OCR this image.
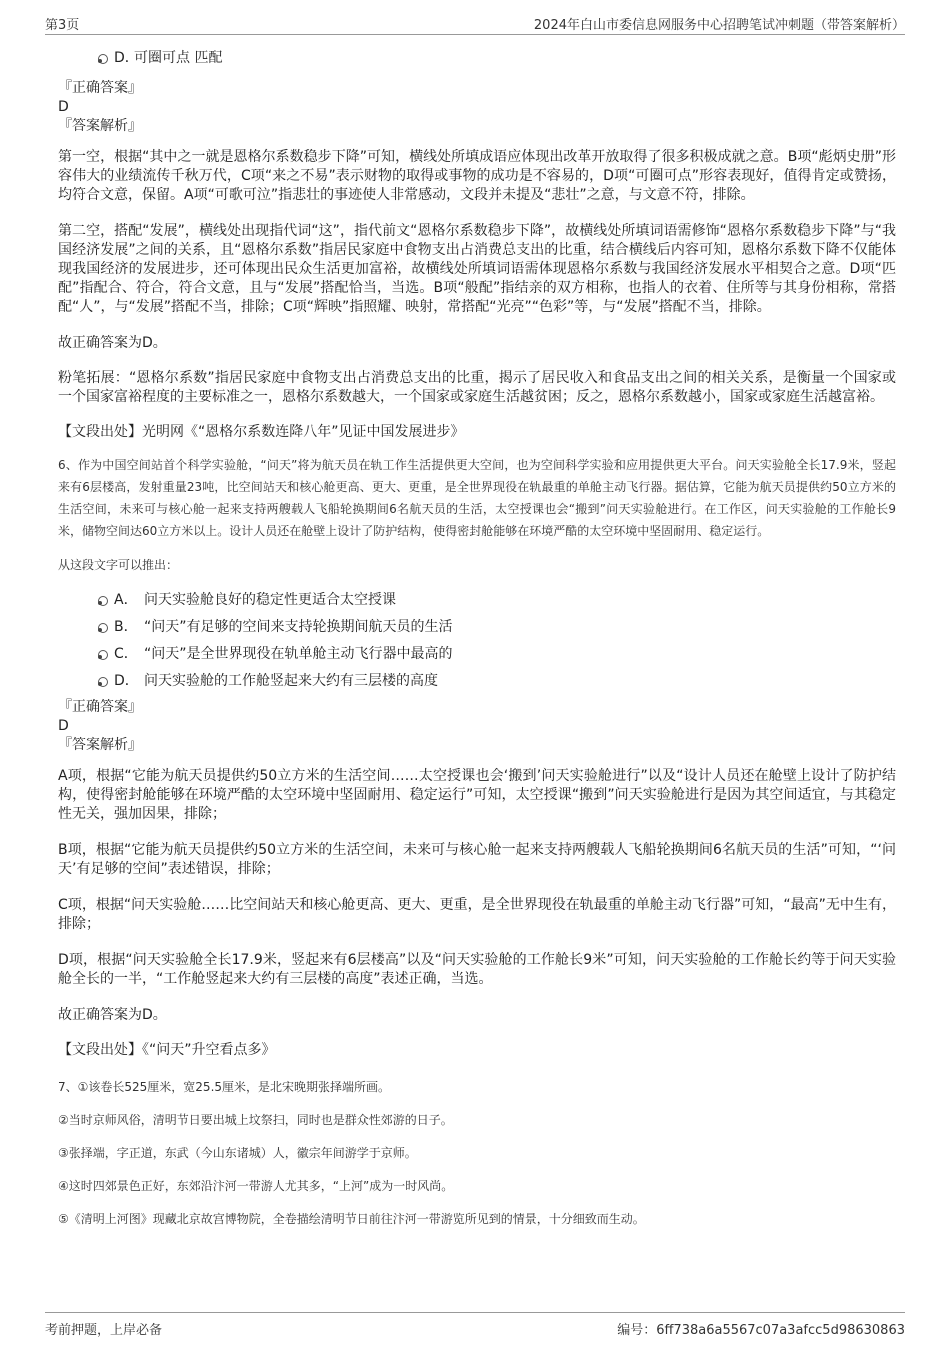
第3页	2024年白山市委信息网服务中心招聘笔试冲刺题（带答案解析）
D．可圈可点 匹配
『正确答案』
D
『答案解析』

第一空，根据“其中之一就是恩格尔系数稳步下降”可知，横线处所填成语应体现出改革开放取得了很多积极成就之意。B项“彪炳史册”形容伟大的业绩流传千秋万代，C项“来之不易”表示财物的取得或事物的成功是不容易的，D项“可圈可点”形容表现好，值得肯定或赞扬，均符合文意，保留。A项“可歌可泣”指悲壮的事迹使人非常感动，文段并未提及“悲壮”之意，与文意不符，排除。

第二空，搭配“发展”，横线处出现指代词“这”，指代前文“恩格尔系数稳步下降”，故横线处所填词语需修饰“恩格尔系数稳步下降”与“我国经济发展”之间的关系，且“恩格尔系数”指居民家庭中食物支出占消费总支出的比重，结合横线后内容可知，恩格尔系数下降不仅能体现我国经济的发展进步，还可体现出民众生活更加富裕，故横线处所填词语需体现恩格尔系数与我国经济发展水平相契合之意。D项“匹配”指配合、符合，符合文意，且与“发展”搭配恰当，当选。B项“般配”指结亲的双方相称，也指人的衣着、住所等与其身份相称，常搭配“人”，与“发展”搭配不当，排除；C项“辉映”指照耀、映射，常搭配“光亮”“色彩”等，与“发展”搭配不当，排除。

故正确答案为D。

粉笔拓展：“恩格尔系数”指居民家庭中食物支出占消费总支出的比重，揭示了居民收入和食品支出之间的相关关系，是衡量一个国家或一个国家富裕程度的主要标准之一，恩格尔系数越大，一个国家或家庭生活越贫困；反之，恩格尔系数越小，国家或家庭生活越富裕。

【文段出处】光明网《“恩格尔系数连降八年”见证中国发展进步》

6、作为中国空间站首个科学实验舱，“问天”将为航天员在轨工作生活提供更大空间，也为空间科学实验和应用提供更大平台。问天实验舱全长17.9米，竖起来有6层楼高，发射重量23吨，比空间站天和核心舱更高、更大、更重，是全世界现役在轨最重的单舱主动飞行器。据估算，它能为航天员提供约50立方米的生活空间，未来可与核心舱一起来支持两艘载人飞船轮换期间6名航天员的生活，太空授课也会“搬到”问天实验舱进行。在工作区，问天实验舱的工作舱长9米，储物空间达60立方米以上。设计人员还在舱壁上设计了防护结构，使得密封舱能够在环境严酷的太空环境中坚固耐用、稳定运行。

从这段文字可以推出：

A． 问天实验舱良好的稳定性更适合太空授课
B． “问天”有足够的空间来支持轮换期间航天员的生活
C． “问天”是全世界现役在轨单舱主动飞行器中最高的
D． 问天实验舱的工作舱竖起来大约有三层楼的高度
『正确答案』
D
『答案解析』

A项，根据“它能为航天员提供约50立方米的生活空间……太空授课也会‘搬到’问天实验舱进行”以及“设计人员还在舱壁上设计了防护结构，使得密封舱能够在环境严酷的太空环境中坚固耐用、稳定运行”可知，太空授课“搬到”问天实验舱进行是因为其空间适宜，与其稳定性无关，强加因果，排除；

B项，根据“它能为航天员提供约50立方米的生活空间，未来可与核心舱一起来支持两艘载人飞船轮换期间6名航天员的生活”可知，“‘问天’有足够的空间”表述错误，排除；

C项，根据“问天实验舱……比空间站天和核心舱更高、更大、更重，是全世界现役在轨最重的单舱主动飞行器”可知，“最高”无中生有，排除；

D项，根据“问天实验舱全长17.9米，竖起来有6层楼高”以及“问天实验舱的工作舱长9米”可知，问天实验舱的工作舱长约等于问天实验舱全长的一半，“工作舱竖起来大约有三层楼的高度”表述正确，当选。

故正确答案为D。

【文段出处】《“问天”升空看点多》

7、①该卷长525厘米，宽25.5厘米，是北宋晚期张择端所画。

②当时京师风俗，清明节日要出城上坟祭扫，同时也是群众性郊游的日子。

③张择端，字正道，东武（今山东诸城）人，徽宗年间游学于京师。

④这时四郊景色正好，东郊沿汴河一带游人尤其多，“上河”成为一时风尚。

⑤《清明上河图》现藏北京故宫博物院，全卷描绘清明节日前往汴河一带游览所见到的情景，十分细致而生动。

考前押题，上岸必备	编号：6ff738a6a5567c07a3afcc5d98630863
